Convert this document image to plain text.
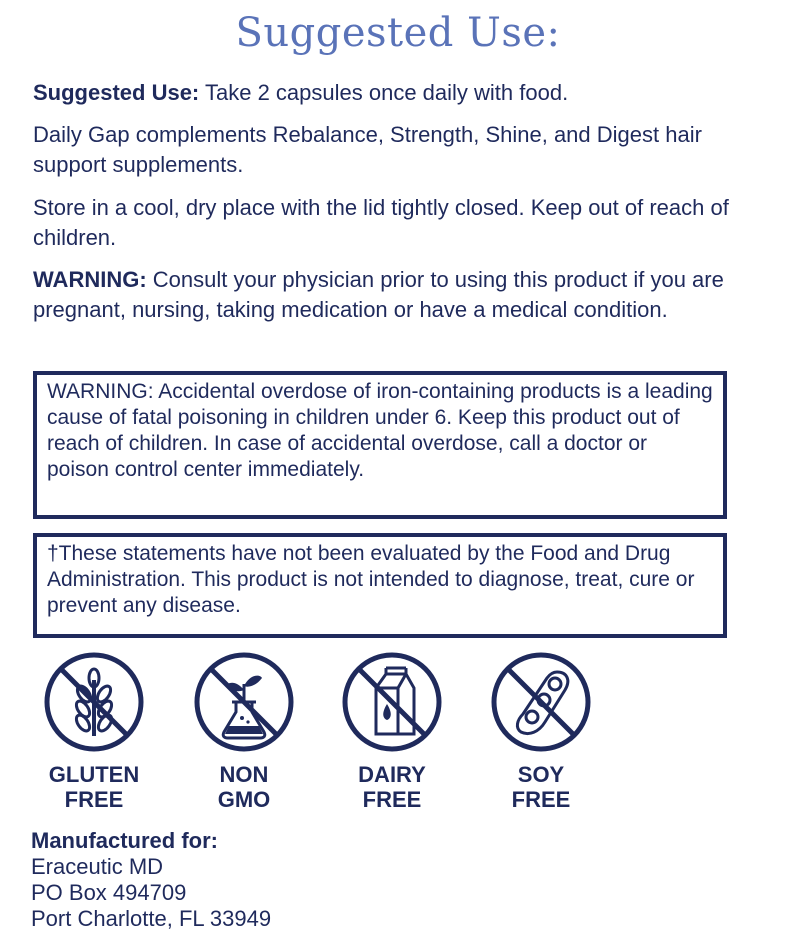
Suggested Use:
Suggested Use: Take 2 capsules once daily with food.
Daily Gap complements Rebalance, Strength, Shine, and Digest hair support supplements.
Store in a cool, dry place with the lid tightly closed. Keep out of reach of children.
WARNING: Consult your physician prior to using this product if you are pregnant, nursing, taking medication or have a medical condition.
WARNING: Accidental overdose of iron-containing products is a leading cause of fatal poisoning in children under 6. Keep this product out of reach of children. In case of accidental overdose, call a doctor or poison control center immediately.
†These statements have not been evaluated by the Food and Drug Administration. This product is not intended to diagnose, treat, cure or prevent any disease.
GLUTEN
FREE
NON
GMO
DAIRY
FREE
SOY
FREE
Manufactured for:
Eraceutic MD
PO Box 494709
Port Charlotte, FL 33949
